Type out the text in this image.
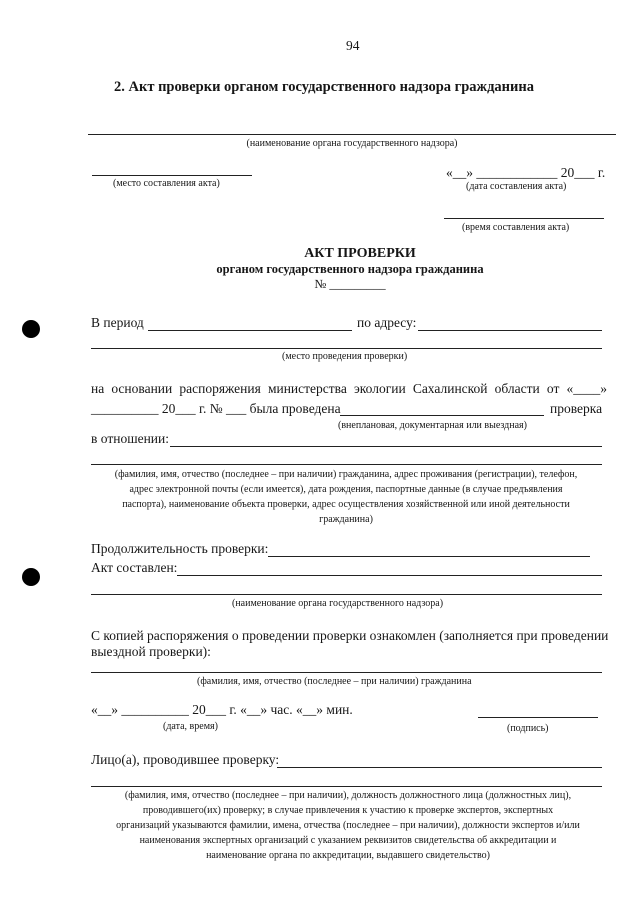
94
2. Акт проверки органом государственного надзора гражданина
(наименование органа государственного надзора)
(место составления акта)
«__» ____________ 20___ г.
(дата составления акта)
(время составления акта)
АКТ ПРОВЕРКИ
органом государственного надзора гражданина
№ _________
В период	по адресу:
(место проведения проверки)
на основании распоряжения министерства экологии Сахалинской области от «____»
__________ 20___ г. № ___ была проведена	проверка
(внеплановая, документарная или выездная)
в отношении:
(фамилия, имя, отчество (последнее – при наличии) гражданина, адрес проживания (регистрации), телефон,
адрес электронной почты (если имеется), дата рождения, паспортные данные (в случае предъявления
паспорта), наименование объекта проверки, адрес осуществления хозяйственной или иной деятельности
гражданина)
Продолжительность проверки:
Акт составлен:
(наименование органа государственного надзора)
С копией распоряжения о проведении проверки ознакомлен (заполняется при проведении
выездной проверки):
(фамилия, имя, отчество (последнее – при наличии) гражданина
«__» __________ 20___ г. «__» час. «__» мин.
(дата, время)	(подпись)
Лицо(а), проводившее проверку:
(фамилия, имя, отчество (последнее – при наличии), должность должностного лица (должностных лиц),
проводившего(их) проверку; в случае привлечения к участию к проверке экспертов, экспертных
организаций указываются фамилии, имена, отчества (последнее – при наличии), должности экспертов и/или
наименования экспертных организаций с указанием реквизитов свидетельства об аккредитации и
наименование органа по аккредитации, выдавшего свидетельство)
